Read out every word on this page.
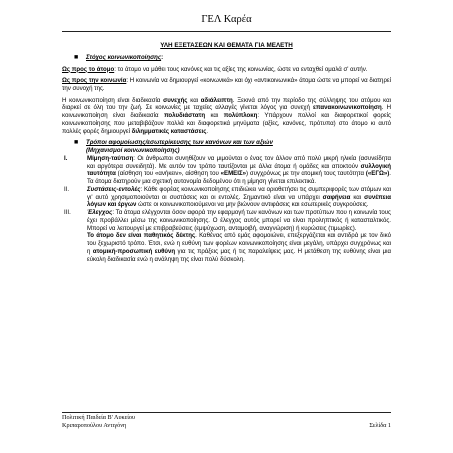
ΓΕΛ Καρέα
ΥΛΗ ΕΞΕΤΑΣΕΩΝ ΚΑΙ ΘΕΜΑΤΑ ΓΙΑ ΜΕΛΕΤΗ

■ Στόχος κοινωνικοποίησης:

Ως προς το άτομο: το άτομο να μάθει τους κανόνες και τις αξίες της κοινωνίας, ώστε να ενταχθεί ομαλά σ' αυτήν.

Ως προς την κοινωνία: Η κοινωνία να δημιουργεί «κοινωνικά» και όχι «αντικοινωνικά» άτομα ώστε να μπορεί να διατηρεί την συνοχή της.

Η κοινωνικοποίηση είναι διαδικασία συνεχής και αδιάλειπτη. Ξεκινά από την περίοδο της σύλληψης του ατόμου και διαρκεί σε όλη του την ζωή. Σε κοινωνίες με ταχείες αλλαγές γίνεται λόγος για συνεχή επανακοινωνικοποίηση. Η κοινωνικοποίηση είναι διαδικασία πολυδιάστατη και πολύπλοκη: Υπάρχουν πολλοί και διαφορετικοί φορείς κοινωνικοποίησης που μεταβιβάζουν πολλά και διαφορετικά μηνύματα (αξίες, κανόνες, πρότυπα) στο άτομο κι αυτό πολλές φορές δημιουργεί διλημματικές καταστάσεις.

■ Τρόποι αφομοίωσης/εσωτερίκευσης των κανόνων και των αξιών
(Μηχανισμοί κοινωνικοποίησης)

I.	Μίμηση-ταύτιση: Οι άνθρωποι συνηθίζουν να μιμούνται ο ένας τον άλλον από πολύ μικρή ηλικία (ασυνείδητα και αργότερα συνειδητά). Με αυτόν τον τρόπο ταυτίζονται με άλλα άτομα ή ομάδες και αποκτούν συλλογική ταυτότητα (αίσθηση του «ανήκειν», αίσθηση του «ΕΜΕΙΣ») συγχρόνως με την ατομική τους ταυτότητα («ΕΓΩ»). Τα άτομα διατηρούν μια σχετική αυτονομία δεδομένου ότι η μίμηση γίνεται επιλεκτικά.

II.	Συστάσεις-εντολές: Κάθε φορέας κοινωνικοποίησης επιδιώκει να οριοθετήσει τις συμπεριφορές των ατόμων και γι' αυτό χρησιμοποιούνται οι συστάσεις και οι εντολές. Σημαντικό είναι να υπάρχει σαφήνεια και συνέπεια λόγων και έργων ώστε οι κοινωνικοποιούμενοι να μην βιώνουν αντιφάσεις και εσωτερικές συγκρούσεις.

III.	Έλεγχος: Τα άτομα ελέγχονται όσον αφορά την εφαρμογή των κανόνων και των προτύπων που η κοινωνία τους έχει προβάλλει μέσω της κοινωνικοποίησης. Ο έλεγχος αυτός μπορεί να είναι προληπτικός ή κατασταλτικός. Μπορεί να λειτουργεί με επιβραβεύσεις (εμψύχωση, ανταμοιβή, αναγνώριση) ή κυρώσεις (τιμωρίες).
Το άτομο δεν είναι παθητικός δέκτης. Καθένας από εμάς αφομοιώνει, επεξεργάζεται και αντιδρά με τον δικό του ξεχωριστό τρόπο. Έτσι, ενώ η ευθύνη των φορέων κοινωνικοποίησης είναι μεγάλη, υπάρχει συγχρόνως και η ατομική-προσωπική ευθύνη για τις πράξεις μας ή τις παραλείψεις μας. Η μετάθεση της ευθύνης είναι μια εύκολη διαδικασία ενώ η ανάληψη της είναι πολύ δύσκολη.

Πολιτική Παιδεία Β' Λυκείου
Κριπαροπούλου Αντιγόνη	Σελίδα 1
